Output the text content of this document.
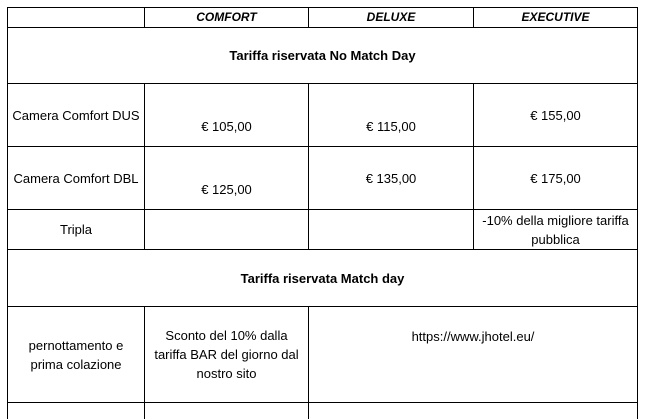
	COMFORT	DELUXE	EXECUTIVE
Tariffa riservata No Match Day			
Camera Comfort DUS	€ 105,00	€ 115,00	€ 155,00
Camera Comfort DBL	€ 125,00	€ 135,00	€ 175,00
Tripla			-10% della migliore tariffa pubblica
Tariffa riservata Match day			
pernottamento e prima colazione	Sconto del 10% dalla tariffa BAR del giorno dal nostro sito	https://www.jhotel.eu/	
